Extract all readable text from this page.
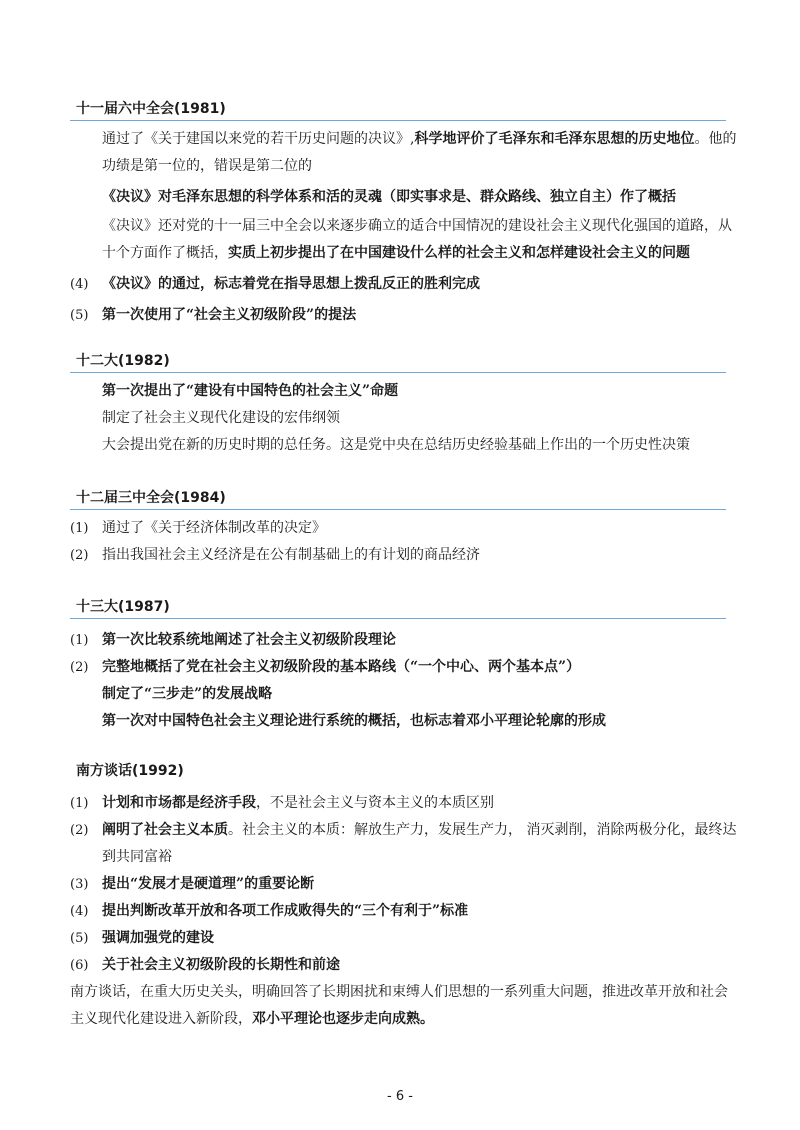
十一届六中全会(1981)
通过了《关于建国以来党的若干历史问题的决议》,科学地评价了毛泽东和毛泽东思想的历史地位。他的功绩是第一位的，错误是第二位的
《决议》对毛泽东思想的科学体系和活的灵魂（即实事求是、群众路线、独立自主）作了概括
《决议》还对党的十一届三中全会以来逐步确立的适合中国情况的建设社会主义现代化强国的道路，从十个方面作了概括，实质上初步提出了在中国建设什么样的社会主义和怎样建设社会主义的问题
(4) 《决议》的通过，标志着党在指导思想上拨乱反正的胜利完成
(5) 第一次使用了“社会主义初级阶段”的提法
十二大(1982)
第一次提出了“建设有中国特色的社会主义”命题
制定了社会主义现代化建设的宏伟纲领
大会提出党在新的历史时期的总任务。这是党中央在总结历史经验基础上作出的一个历史性决策
十二届三中全会(1984)
(1) 通过了《关于经济体制改革的决定》
(2) 指出我国社会主义经济是在公有制基础上的有计划的商品经济
十三大(1987)
(1) 第一次比较系统地阐述了社会主义初级阶段理论
(2) 完整地概括了党在社会主义初级阶段的基本路线（“一个中心、两个基本点”）
制定了“三步走”的发展战略
第一次对中国特色社会主义理论进行系统的概括，也标志着邓小平理论轮廓的形成
南方谈话(1992)
(1) 计划和市场都是经济手段，不是社会主义与资本主义的本质区别
(2) 阐明了社会主义本质。社会主义的本质：解放生产力，发展生产力， 消灭剥削，消除两极分化，最终达到共同富裕
(3) 提出“发展才是硬道理”的重要论断
(4) 提出判断改革开放和各项工作成败得失的“三个有利于”标准
(5) 强调加强党的建设
(6) 关于社会主义初级阶段的长期性和前途
南方谈话，在重大历史关头，明确回答了长期困扰和束缚人们思想的一系列重大问题，推进改革开放和社会主义现代化建设进入新阶段，邓小平理论也逐步走向成熟。
- 6 -
